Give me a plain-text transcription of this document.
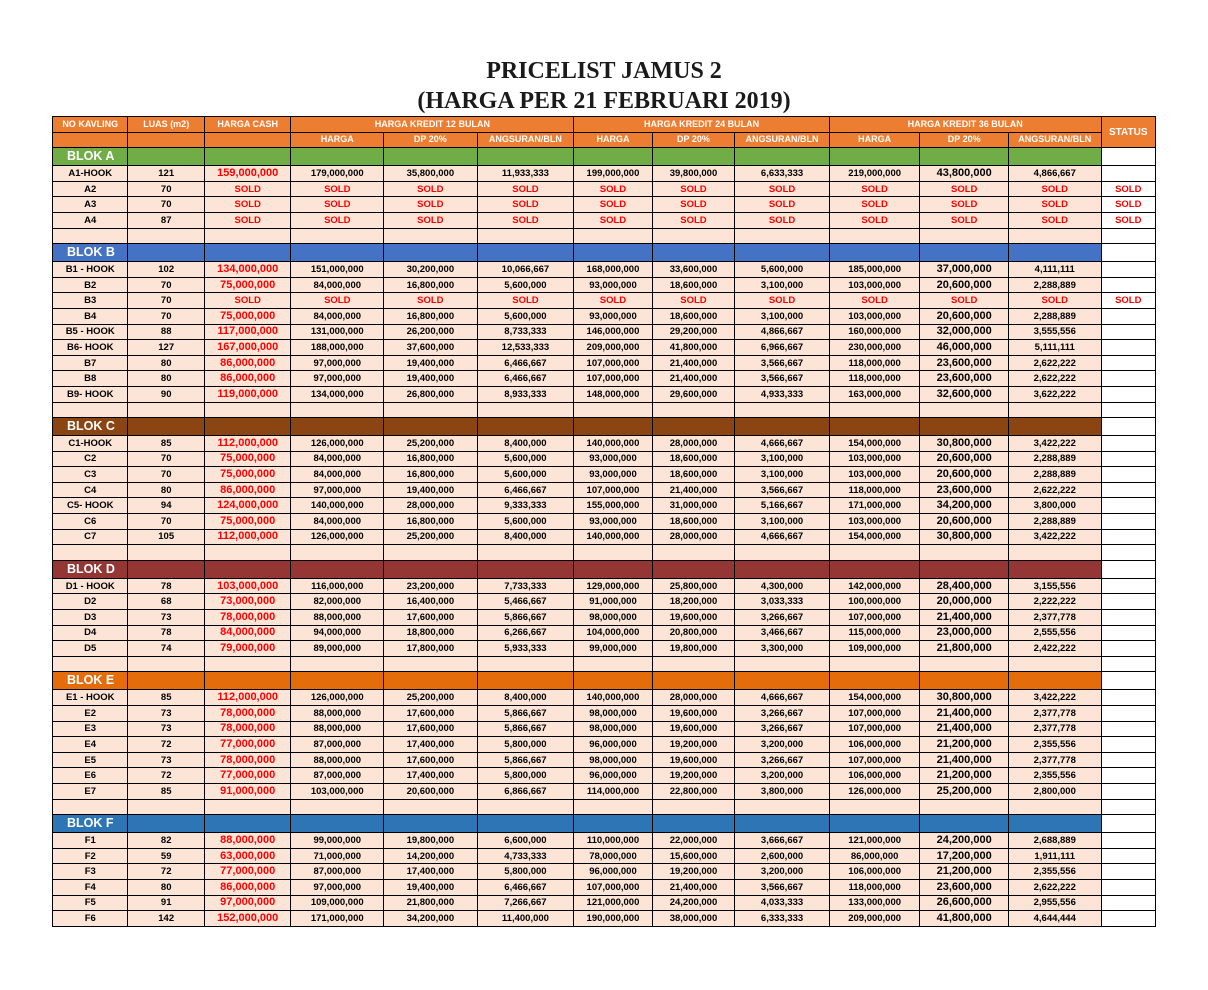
PRICELIST JAMUS 2
(HARGA PER 21 FEBRUARI 2019)
NO KAVLING	LUAS (m2)	HARGA CASH	HARGA KREDIT 12 BULAN			HARGA KREDIT 24 BULAN			HARGA KREDIT 36 BULAN			STATUS
			HARGA	DP 20%	ANGSURAN/BLN	HARGA	DP 20%	ANGSURAN/BLN	HARGA	DP 20%	ANGSURAN/BLN	
BLOK A												
A1-HOOK	121	159,000,000	179,000,000	35,800,000	11,933,333	199,000,000	39,800,000	6,633,333	219,000,000	43,800,000	4,866,667	
A2	70	SOLD	SOLD	SOLD	SOLD	SOLD	SOLD	SOLD	SOLD	SOLD	SOLD	SOLD
A3	70	SOLD	SOLD	SOLD	SOLD	SOLD	SOLD	SOLD	SOLD	SOLD	SOLD	SOLD
A4	87	SOLD	SOLD	SOLD	SOLD	SOLD	SOLD	SOLD	SOLD	SOLD	SOLD	SOLD

BLOK B												
B1 - HOOK	102	134,000,000	151,000,000	30,200,000	10,066,667	168,000,000	33,600,000	5,600,000	185,000,000	37,000,000	4,111,111	
B2	70	75,000,000	84,000,000	16,800,000	5,600,000	93,000,000	18,600,000	3,100,000	103,000,000	20,600,000	2,288,889	
B3	70	SOLD	SOLD	SOLD	SOLD	SOLD	SOLD	SOLD	SOLD	SOLD	SOLD	SOLD
B4	70	75,000,000	84,000,000	16,800,000	5,600,000	93,000,000	18,600,000	3,100,000	103,000,000	20,600,000	2,288,889	
B5 - HOOK	88	117,000,000	131,000,000	26,200,000	8,733,333	146,000,000	29,200,000	4,866,667	160,000,000	32,000,000	3,555,556	
B6- HOOK	127	167,000,000	188,000,000	37,600,000	12,533,333	209,000,000	41,800,000	6,966,667	230,000,000	46,000,000	5,111,111	
B7	80	86,000,000	97,000,000	19,400,000	6,466,667	107,000,000	21,400,000	3,566,667	118,000,000	23,600,000	2,622,222	
B8	80	86,000,000	97,000,000	19,400,000	6,466,667	107,000,000	21,400,000	3,566,667	118,000,000	23,600,000	2,622,222	
B9- HOOK	90	119,000,000	134,000,000	26,800,000	8,933,333	148,000,000	29,600,000	4,933,333	163,000,000	32,600,000	3,622,222	

BLOK C												
C1-HOOK	85	112,000,000	126,000,000	25,200,000	8,400,000	140,000,000	28,000,000	4,666,667	154,000,000	30,800,000	3,422,222	
C2	70	75,000,000	84,000,000	16,800,000	5,600,000	93,000,000	18,600,000	3,100,000	103,000,000	20,600,000	2,288,889	
C3	70	75,000,000	84,000,000	16,800,000	5,600,000	93,000,000	18,600,000	3,100,000	103,000,000	20,600,000	2,288,889	
C4	80	86,000,000	97,000,000	19,400,000	6,466,667	107,000,000	21,400,000	3,566,667	118,000,000	23,600,000	2,622,222	
C5- HOOK	94	124,000,000	140,000,000	28,000,000	9,333,333	155,000,000	31,000,000	5,166,667	171,000,000	34,200,000	3,800,000	
C6	70	75,000,000	84,000,000	16,800,000	5,600,000	93,000,000	18,600,000	3,100,000	103,000,000	20,600,000	2,288,889	
C7	105	112,000,000	126,000,000	25,200,000	8,400,000	140,000,000	28,000,000	4,666,667	154,000,000	30,800,000	3,422,222	

BLOK D												
D1 - HOOK	78	103,000,000	116,000,000	23,200,000	7,733,333	129,000,000	25,800,000	4,300,000	142,000,000	28,400,000	3,155,556	
D2	68	73,000,000	82,000,000	16,400,000	5,466,667	91,000,000	18,200,000	3,033,333	100,000,000	20,000,000	2,222,222	
D3	73	78,000,000	88,000,000	17,600,000	5,866,667	98,000,000	19,600,000	3,266,667	107,000,000	21,400,000	2,377,778	
D4	78	84,000,000	94,000,000	18,800,000	6,266,667	104,000,000	20,800,000	3,466,667	115,000,000	23,000,000	2,555,556	
D5	74	79,000,000	89,000,000	17,800,000	5,933,333	99,000,000	19,800,000	3,300,000	109,000,000	21,800,000	2,422,222	

BLOK E												
E1 - HOOK	85	112,000,000	126,000,000	25,200,000	8,400,000	140,000,000	28,000,000	4,666,667	154,000,000	30,800,000	3,422,222	
E2	73	78,000,000	88,000,000	17,600,000	5,866,667	98,000,000	19,600,000	3,266,667	107,000,000	21,400,000	2,377,778	
E3	73	78,000,000	88,000,000	17,600,000	5,866,667	98,000,000	19,600,000	3,266,667	107,000,000	21,400,000	2,377,778	
E4	72	77,000,000	87,000,000	17,400,000	5,800,000	96,000,000	19,200,000	3,200,000	106,000,000	21,200,000	2,355,556	
E5	73	78,000,000	88,000,000	17,600,000	5,866,667	98,000,000	19,600,000	3,266,667	107,000,000	21,400,000	2,377,778	
E6	72	77,000,000	87,000,000	17,400,000	5,800,000	96,000,000	19,200,000	3,200,000	106,000,000	21,200,000	2,355,556	
E7	85	91,000,000	103,000,000	20,600,000	6,866,667	114,000,000	22,800,000	3,800,000	126,000,000	25,200,000	2,800,000	

BLOK F												
F1	82	88,000,000	99,000,000	19,800,000	6,600,000	110,000,000	22,000,000	3,666,667	121,000,000	24,200,000	2,688,889	
F2	59	63,000,000	71,000,000	14,200,000	4,733,333	78,000,000	15,600,000	2,600,000	86,000,000	17,200,000	1,911,111	
F3	72	77,000,000	87,000,000	17,400,000	5,800,000	96,000,000	19,200,000	3,200,000	106,000,000	21,200,000	2,355,556	
F4	80	86,000,000	97,000,000	19,400,000	6,466,667	107,000,000	21,400,000	3,566,667	118,000,000	23,600,000	2,622,222	
F5	91	97,000,000	109,000,000	21,800,000	7,266,667	121,000,000	24,200,000	4,033,333	133,000,000	26,600,000	2,955,556	
F6	142	152,000,000	171,000,000	34,200,000	11,400,000	190,000,000	38,000,000	6,333,333	209,000,000	41,800,000	4,644,444	
